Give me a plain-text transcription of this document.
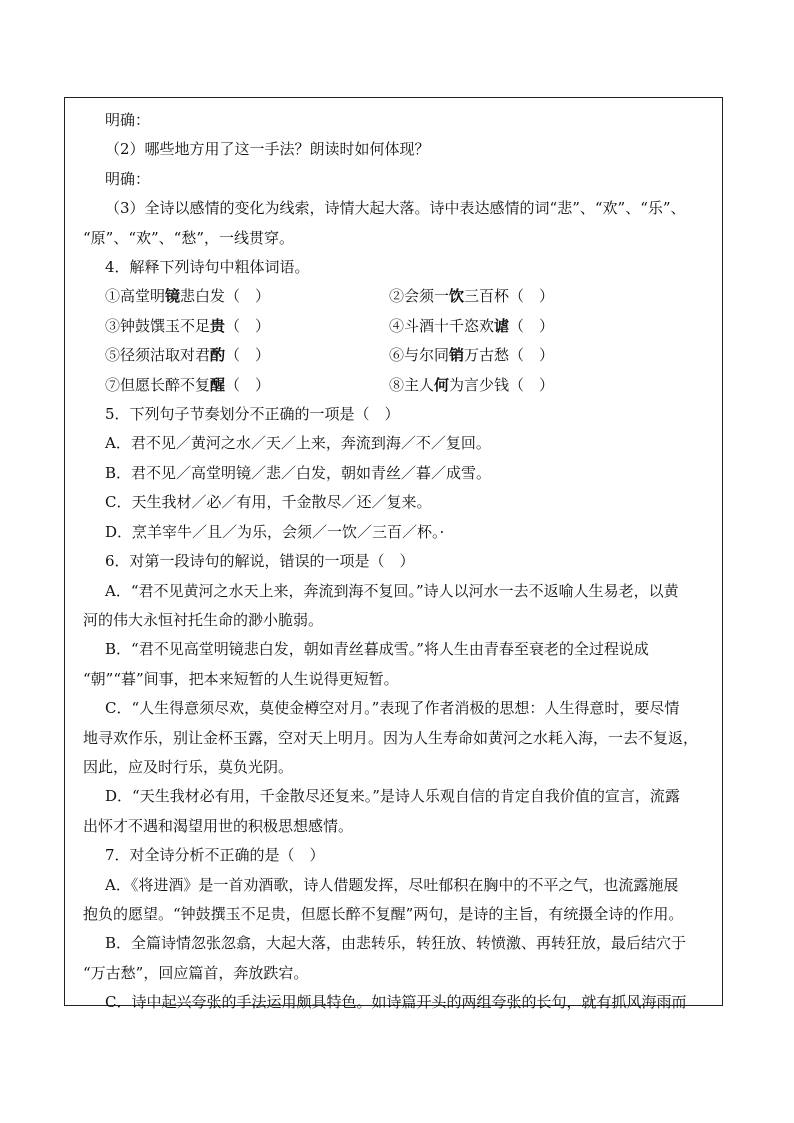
明确：
（2）哪些地方用了这一手法？朗读时如何体现？
明确：
（3）全诗以感情的变化为线索，诗情大起大落。诗中表达感情的词“悲”、“欢”、“乐”、
“原”、“欢”、“愁”，一线贯穿。
4．解释下列诗句中粗体词语。
①高堂明镜悲白发（　）	②会须一饮三百杯（　）
③钟鼓馔玉不足贵（　）	④斗酒十千恣欢谑（　）
⑤径须沽取对君酌（　）	⑥与尔同销万古愁（　）
⑦但愿长醉不复醒（　）	⑧主人何为言少钱（　）
5．下列句子节奏划分不正确的一项是（　）
A．君不见／黄河之水／天／上来，奔流到海／不／复回。
B．君不见／高堂明镜／悲／白发，朝如青丝／暮／成雪。
C．天生我材／必／有用，千金散尽／还／复来。
D．烹羊宰牛／且／为乐，会须／一饮／三百／杯。·
6．对第一段诗句的解说，错误的一项是（　）
A．“君不见黄河之水天上来，奔流到海不复回。”诗人以河水一去不返喻人生易老，以黄
河的伟大永恒衬托生命的渺小脆弱。
B．“君不见高堂明镜悲白发，朝如青丝暮成雪。”将人生由青春至衰老的全过程说成
“朝”“暮”间事，把本来短暂的人生说得更短暂。
C．“人生得意须尽欢，莫使金樽空对月。”表现了作者消极的思想：人生得意时，要尽情
地寻欢作乐，别让金杯玉露，空对天上明月。因为人生寿命如黄河之水耗入海，一去不复返，
因此，应及时行乐，莫负光阴。
D．“天生我材必有用，千金散尽还复来。”是诗人乐观自信的肯定自我价值的宣言，流露
出怀才不遇和渴望用世的积极思想感情。
7．对全诗分析不正确的是（　）
A．《将进酒》是一首劝酒歌，诗人借题发挥，尽吐郁积在胸中的不平之气，也流露施展
抱负的愿望。“钟鼓撰玉不足贵，但愿长醉不复醒”两句，是诗的主旨，有统摄全诗的作用。
B．全篇诗情忽张忽翕，大起大落，由悲转乐，转狂放、转愤激、再转狂放，最后结穴于
“万古愁”，回应篇首，奔放跌宕。
C．诗中起兴夸张的手法运用颇具特色。如诗篇开头的两组夸张的长句，就有抓风海雨而
